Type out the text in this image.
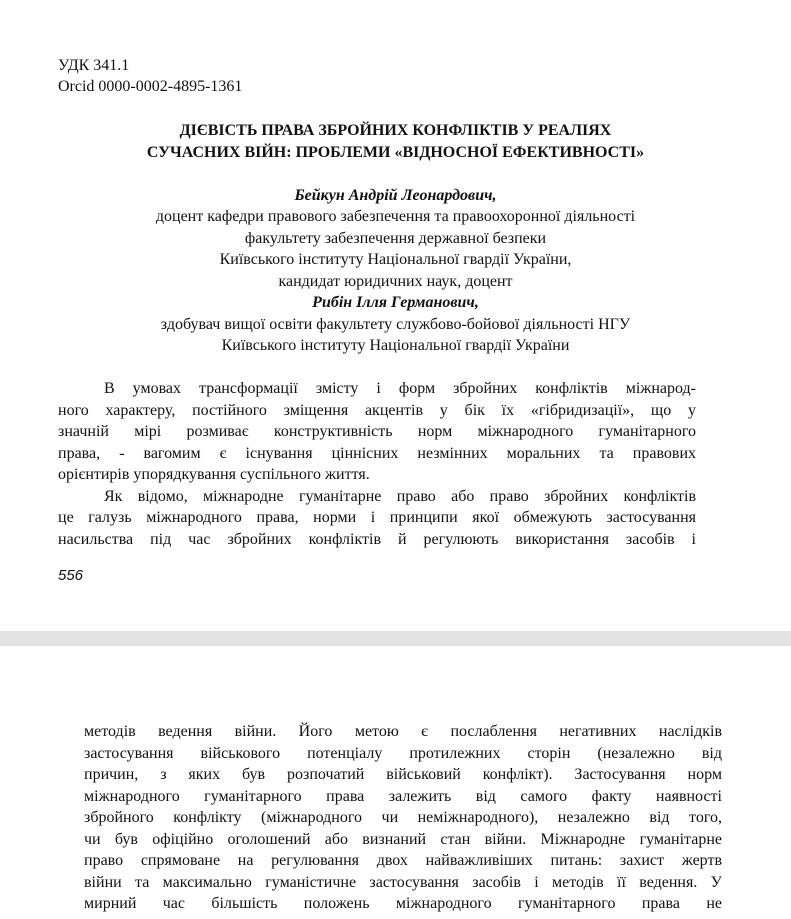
УДК 341.1
Orcid 0000-0002-4895-1361
ДІЄВІСТЬ ПРАВА ЗБРОЙНИХ КОНФЛІКТІВ У РЕАЛІЯХ
СУЧАСНИХ ВІЙН: ПРОБЛЕМИ «ВІДНОСНОЇ ЕФЕКТИВНОСТІ»
Бейкун Андрій Леонардович,
доцент кафедри правового забезпечення та правоохоронної діяльності
факультету забезпечення державної безпеки
Київського інституту Національної гвардії України,
кандидат юридичних наук, доцент
Рибін Ілля Германович,
здобувач вищої освіти факультету службово-бойової діяльності НГУ
Київського інституту Національної гвардії України
В умовах трансформації змісту і форм збройних конфліктів міжнарод-
ного характеру, постійного зміщення акцентів у бік їх «гібридизації», що у
значній мірі розмиває конструктивність норм міжнародного гуманітарного
права, - вагомим є існування ціннісних незмінних моральних та правових
орієнтирів упорядкування суспільного життя.
Як відомо, міжнародне гуманітарне право або право збройних конфліктів
це галузь міжнародного права, норми і принципи якої обмежують застосування
насильства під час збройних конфліктів й регулюють використання засобів і
556
методів ведення війни. Його метою є послаблення негативних наслідків
застосування військового потенціалу протилежних сторін (незалежно від
причин, з яких був розпочатий військовий конфлікт). Застосування норм
міжнародного гуманітарного права залежить від самого факту наявності
збройного конфлікту (міжнародного чи неміжнародного), незалежно від того,
чи був офіційно оголошений або визнаний стан війни. Міжнародне гуманітарне
право спрямоване на регулювання двох найважливіших питань: захист жертв
війни та максимально гуманістичне застосування засобів і методів її ведення. У
мирний час більшість положень міжнародного гуманітарного права не
